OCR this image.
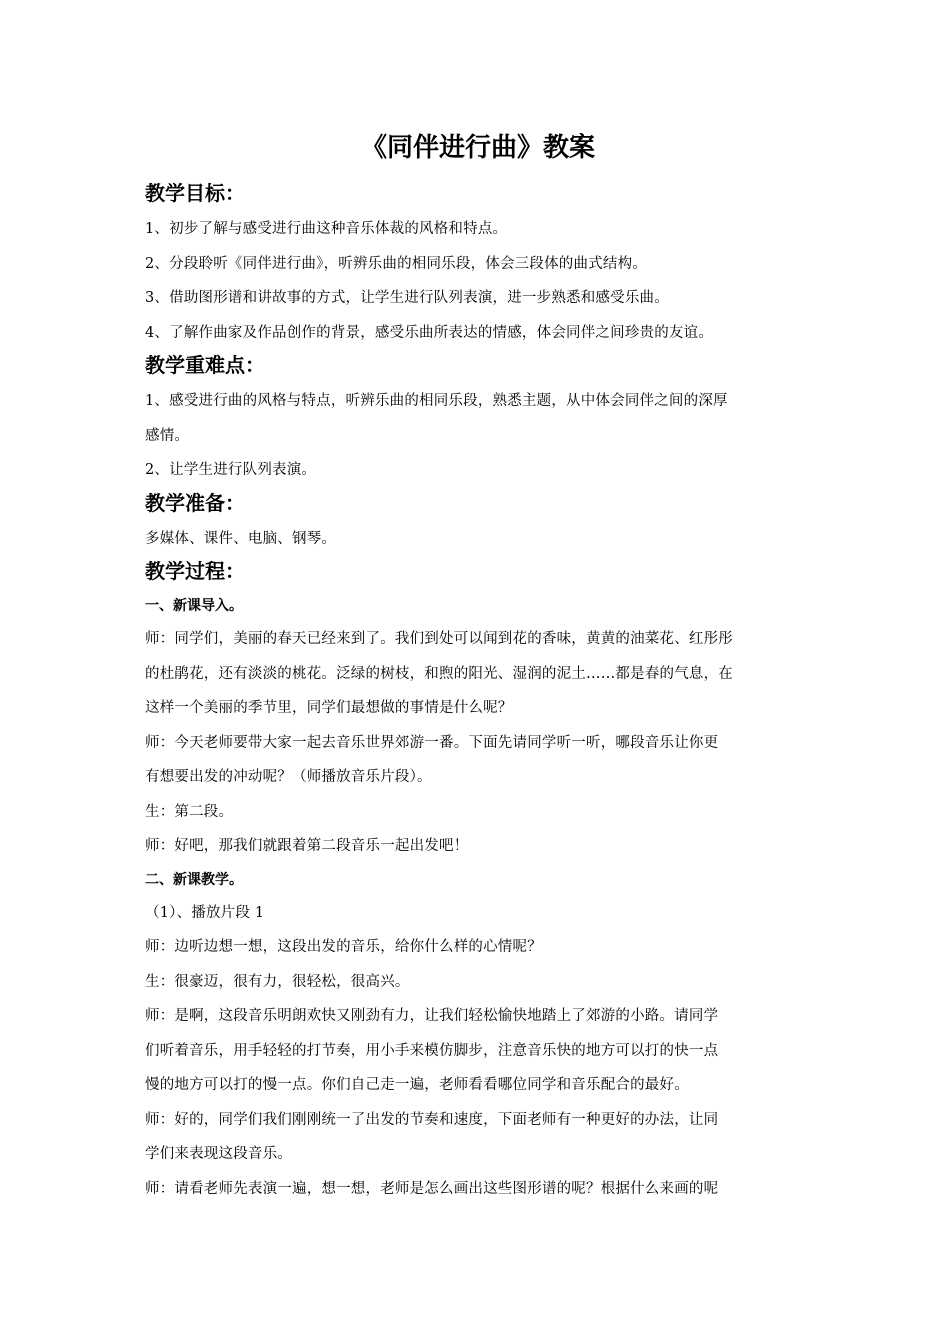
《同伴进行曲》教案
教学目标：
1、初步了解与感受进行曲这种音乐体裁的风格和特点。
2、分段聆听《同伴进行曲》，听辨乐曲的相同乐段，体会三段体的曲式结构。
3、借助图形谱和讲故事的方式，让学生进行队列表演，进一步熟悉和感受乐曲。
4、了解作曲家及作品创作的背景，感受乐曲所表达的情感，体会同伴之间珍贵的友谊。
教学重难点：
1、感受进行曲的风格与特点，听辨乐曲的相同乐段，熟悉主题，从中体会同伴之间的深厚
感情。
2、让学生进行队列表演。
教学准备：
多媒体、课件、电脑、钢琴。
教学过程：
一、新课导入。
师：同学们，美丽的春天已经来到了。我们到处可以闻到花的香味，黄黄的油菜花、红彤彤
的杜鹃花，还有淡淡的桃花。泛绿的树枝，和煦的阳光、湿润的泥土……都是春的气息，在
这样一个美丽的季节里，同学们最想做的事情是什么呢？
师：今天老师要带大家一起去音乐世界郊游一番。下面先请同学听一听，哪段音乐让你更
有想要出发的冲动呢？（师播放音乐片段）。
生：第二段。
师：好吧，那我们就跟着第二段音乐一起出发吧！
二、新课教学。
（1）、播放片段 1
师：边听边想一想，这段出发的音乐，给你什么样的心情呢？
生：很豪迈，很有力，很轻松，很高兴。
师：是啊，这段音乐明朗欢快又刚劲有力，让我们轻松愉快地踏上了郊游的小路。请同学
们听着音乐，用手轻轻的打节奏，用小手来模仿脚步，注意音乐快的地方可以打的快一点
慢的地方可以打的慢一点。你们自己走一遍，老师看看哪位同学和音乐配合的最好。
师：好的，同学们我们刚刚统一了出发的节奏和速度，下面老师有一种更好的办法，让同
学们来表现这段音乐。
师：请看老师先表演一遍，想一想，老师是怎么画出这些图形谱的呢？根据什么来画的呢
